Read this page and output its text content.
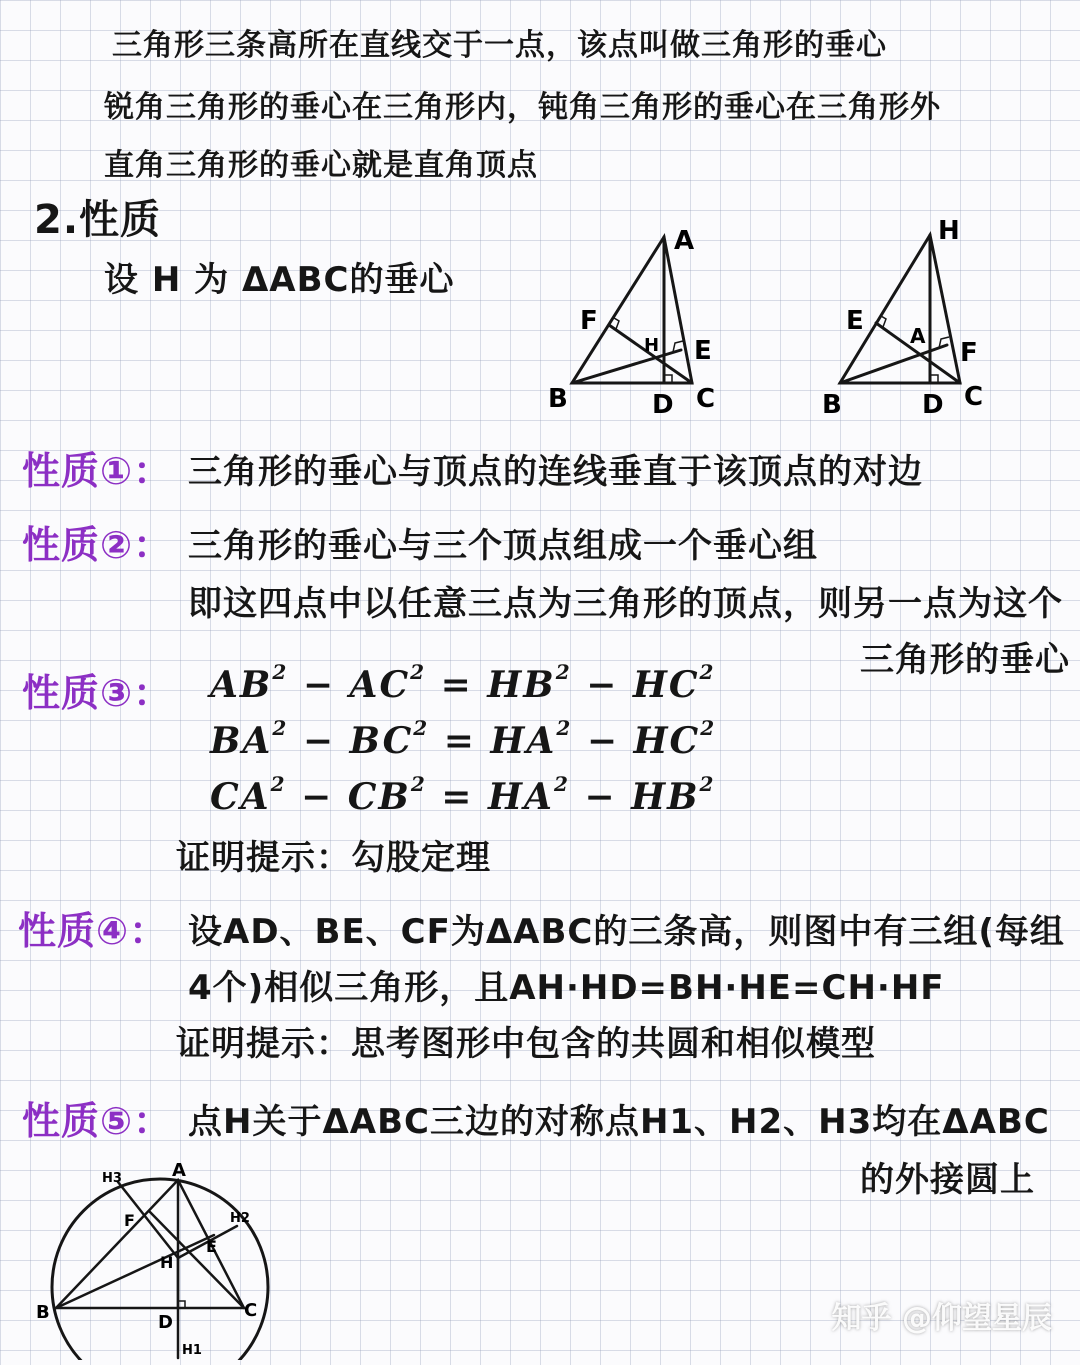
三角形三条高所在直线交于一点，该点叫做三角形的垂心
锐角三角形的垂心在三角形内，钝角三角形的垂心在三角形外
直角三角形的垂心就是直角顶点
2.性质
设 H 为 ΔABC的垂心
A
B	C
D
E
F
H
H
B	C
D
E
F
A
性质①： 三角形的垂心与顶点的连线垂直于该顶点的对边
性质②： 三角形的垂心与三个顶点组成一个垂心组
即这四点中以任意三点为三角形的顶点，则另一点为这个
三角形的垂心
性质③： $AB^2 - AC^2 = HB^2 - HC^2$
$BA^2 - BC^2 = HA^2 - HC^2$
$CA^2 - CB^2 = HA^2 - HB^2$
证明提示：勾股定理
性质④： 设AD、BE、CF为ΔABC的三条高，则图中有三组(每组
4个)相似三角形，且AH·HD=BH·HE=CH·HF
证明提示：思考图形中包含的共圆和相似模型
性质⑤： 点H关于ΔABC三边的对称点H1、H2、H3均在ΔABC
的外接圆上
A
B	C
D
E
F
H
H1
H2
H3
知乎 @仰望星辰
